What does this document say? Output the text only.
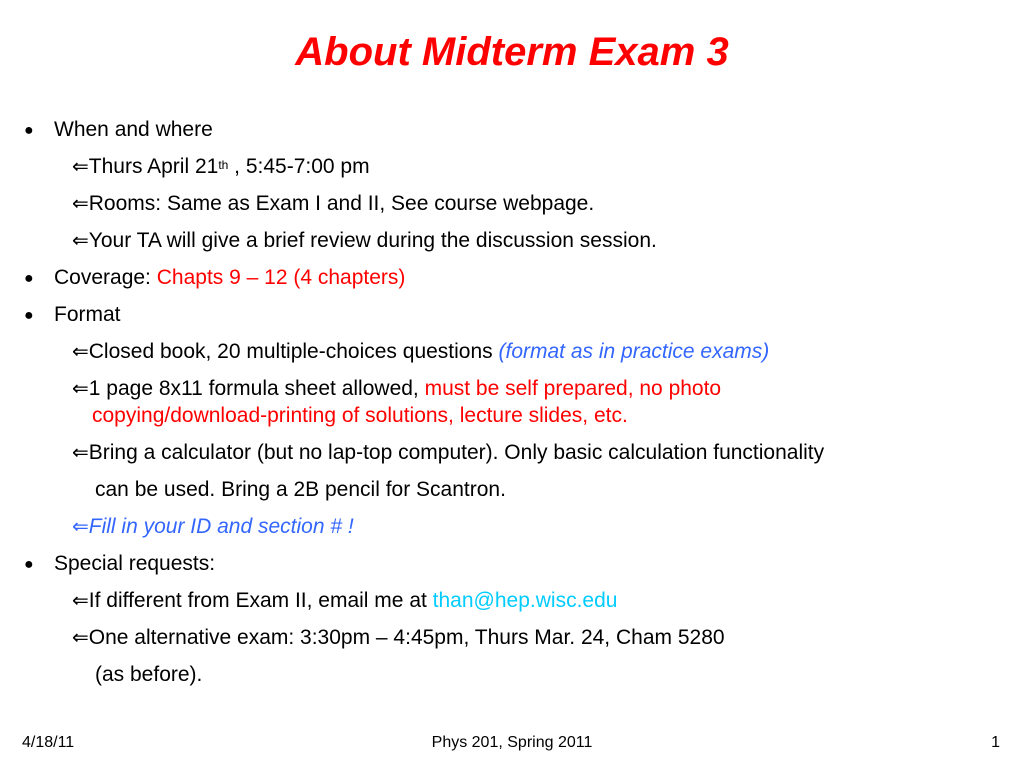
About Midterm Exam 3
● When and where
⇐Thurs April 21th , 5:45-7:00 pm
⇐Rooms: Same as Exam I and II, See course webpage.
⇐Your TA will give a brief review during the discussion session.
● Coverage: Chapts 9 – 12 (4 chapters)
● Format
⇐Closed book, 20 multiple-choices questions (format as in practice exams)
⇐1 page 8x11 formula sheet allowed, must be self prepared, no photo
copying/download-printing of solutions, lecture slides, etc.
⇐Bring a calculator (but no lap-top computer). Only basic calculation functionality
can be used. Bring a 2B pencil for Scantron.
⇐Fill in your ID and section # !
● Special requests:
⇐If different from Exam II, email me at than@hep.wisc.edu
⇐One alternative exam: 3:30pm – 4:45pm, Thurs Mar. 24, Cham 5280
(as before).
4/18/11	Phys 201, Spring 2011	1
